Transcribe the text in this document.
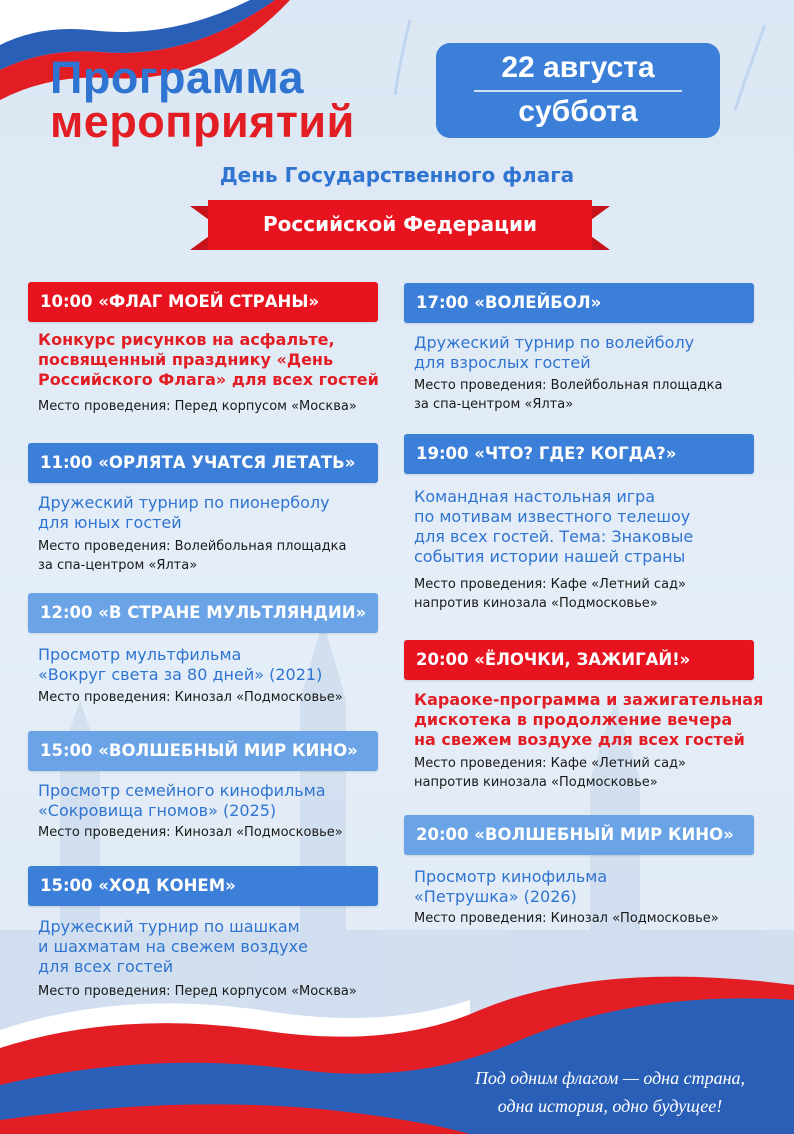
Программа
мероприятий
22 августа
суббота
День Государственного флага
Российской Федерации
10:00 «ФЛАГ МОЕЙ СТРАНЫ»
Конкурс рисунков на асфальте,
посвященный празднику «День
Российского Флага» для всех гостей
Место проведения: Перед корпусом «Москва»
11:00 «ОРЛЯТА УЧАТСЯ ЛЕТАТЬ»
Дружеский турнир по пионерболу
для юных гостей
Место проведения: Волейбольная площадка
за спа-центром «Ялта»
12:00 «В СТРАНЕ МУЛЬТЛЯНДИИ»
Просмотр мультфильма
«Вокруг света за 80 дней» (2021)
Место проведения: Кинозал «Подмосковье»
15:00 «ВОЛШЕБНЫЙ МИР КИНО»
Просмотр семейного кинофильма
«Сокровища гномов» (2025)
Место проведения: Кинозал «Подмосковье»
15:00 «ХОД КОНЕМ»
Дружеский турнир по шашкам
и шахматам на свежем воздухе
для всех гостей
Место проведения: Перед корпусом «Москва»
17:00 «ВОЛЕЙБОЛ»
Дружеский турнир по волейболу
для взрослых гостей
Место проведения: Волейбольная площадка
за спа-центром «Ялта»
19:00 «ЧТО? ГДЕ? КОГДА?»
Командная настольная игра
по мотивам известного телешоу
для всех гостей. Тема: Знаковые
события истории нашей страны
Место проведения: Кафе «Летний сад»
напротив кинозала «Подмосковье»
20:00 «ЁЛОЧКИ, ЗАЖИГАЙ!»
Караоке-программа и зажигательная
дискотека в продолжение вечера
на свежем воздухе для всех гостей
Место проведения: Кафе «Летний сад»
напротив кинозала «Подмосковье»
20:00 «ВОЛШЕБНЫЙ МИР КИНО»
Просмотр кинофильма
«Петрушка» (2026)
Место проведения: Кинозал «Подмосковье»
Под одним флагом — одна страна,
одна история, одно будущее!
